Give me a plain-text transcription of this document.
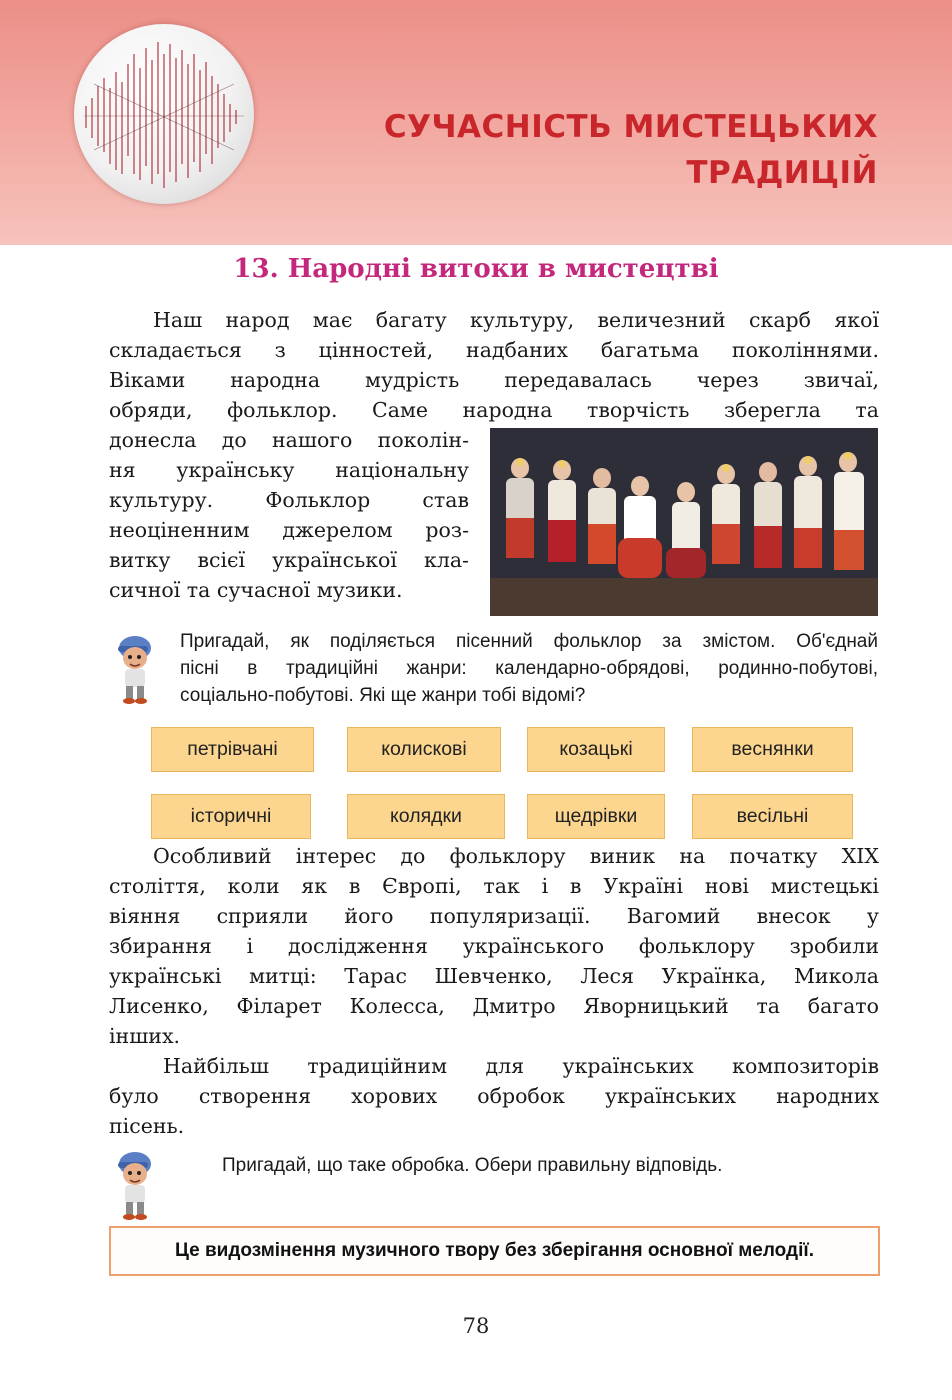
СУЧАСНІСТЬ МИСТЕЦЬКИХ
ТРАДИЦІЙ
13. Народні витоки в мистецтві

Наш народ має багату культуру, величезний скарб якої
складається з цінностей, надбаних багатьма поколіннями.
Віками народна мудрість передавалась через звичаї,
обряди, фольклор. Саме народна творчість зберегла та

донесла до нашого поколін-
ня українську національну
культуру. Фольклор став
неоціненним джерелом роз-
витку всієї української кла-
сичної та сучасної музики.

Пригадай, як поділяється пісенний фольклор за змістом. Об'єднай
пісні в традиційні жанри: календарно-обрядові, родинно-побутові,
соціально-побутові. Які ще жанри тобі відомі?

петрівчані	колискові	козацькі	веснянки
історичні	колядки	щедрівки	весільні

Особливий інтерес до фольклору виник на початку XIX
століття, коли як в Європі, так і в Україні нові мистецькі
віяння сприяли його популяризації. Вагомий внесок у
збирання і дослідження українського фольклору зробили
українські митці: Тарас Шевченко, Леся Українка, Микола
Лисенко, Філарет Колесса, Дмитро Яворницький та багато
інших.

Найбільш традиційним для українських композиторів
було створення хорових обробок українських народних
пісень.

Пригадай, що таке обробка. Обери правильну відповідь.
Це видозмінення музичного твору без зберігання основної мелодії.
78
